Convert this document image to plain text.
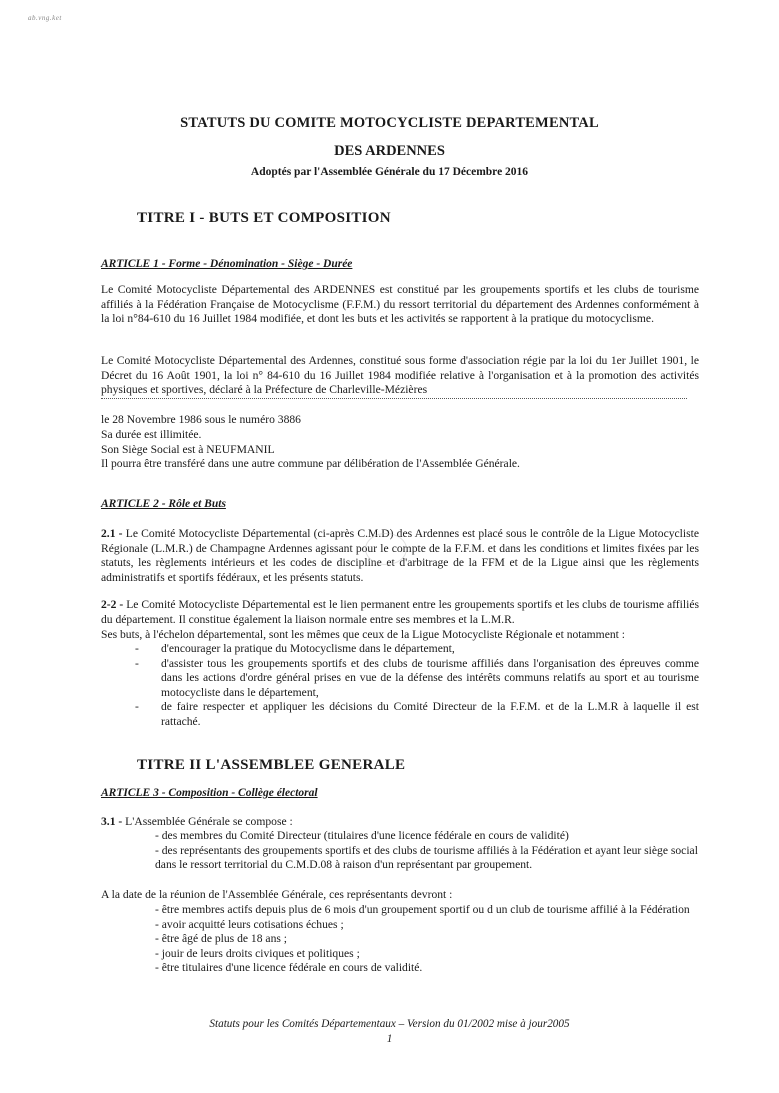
ab.vng.ket
STATUTS DU COMITE MOTOCYCLISTE DEPARTEMENTAL
DES ARDENNES
Adoptés par l'Assemblée Générale du 17 Décembre 2016
TITRE I - BUTS ET COMPOSITION
ARTICLE 1 - Forme - Dénomination - Siège - Durée

Le Comité Motocycliste Départemental des ARDENNES est constitué par les groupements sportifs et les clubs de tourisme affiliés à la Fédération Française de Motocyclisme (F.F.M.) du ressort territorial du département des Ardennes conformément à la loi n°84-610 du 16 Juillet 1984 modifiée, et dont les buts et les activités se rapportent à la pratique du motocyclisme.

Le Comité Motocycliste Départemental des Ardennes, constitué sous forme d'association régie par la loi du 1er Juillet 1901, le Décret du 16 Août 1901, la loi n° 84-610 du 16 Juillet 1984 modifiée relative à l'organisation et à la promotion des activités physiques et sportives, déclaré à la Préfecture de Charleville-Mézières

le 28 Novembre 1986 sous le numéro 3886
Sa durée est illimitée.
Son Siège Social est à NEUFMANIL
Il pourra être transféré dans une autre commune par délibération de l'Assemblée Générale.
ARTICLE 2 - Rôle et Buts

2.1 - Le Comité Motocycliste Départemental (ci-après C.M.D) des Ardennes est placé sous le contrôle de la Ligue Motocycliste Régionale (L.M.R.) de Champagne Ardennes agissant pour le compte de la F.F.M. et dans les conditions et limites fixées par les statuts, les règlements intérieurs et les codes de discipline et d'arbitrage de la FFM et de la Ligue ainsi que les règlements administratifs et sportifs fédéraux, et les présents statuts.

2-2 - Le Comité Motocycliste Départemental est le lien permanent entre les groupements sportifs et les clubs de tourisme affiliés du département. Il constitue également la liaison normale entre ses membres et la L.M.R.

Ses buts, à l'échelon départemental, sont les mêmes que ceux de la Ligue Motocycliste Régionale et notamment :
- d'encourager la pratique du Motocyclisme dans le département,
- d'assister tous les groupements sportifs et des clubs de tourisme affiliés dans l'organisation des épreuves comme dans les actions d'ordre général prises en vue de la défense des intérêts communs relatifs au sport et au tourisme motocycliste dans le département,
- de faire respecter et appliquer les décisions du Comité Directeur de la F.F.M. et de la L.M.R à laquelle il est rattaché.
TITRE II L'ASSEMBLEE GENERALE
ARTICLE 3 - Composition - Collège électoral
3.1 - L'Assemblée Générale se compose :
- des membres du Comité Directeur (titulaires d'une licence fédérale en cours de validité)
- des représentants des groupements sportifs et des clubs de tourisme affiliés à la Fédération et ayant leur siège social dans le ressort territorial du C.M.D.08 à raison d'un représentant par groupement.
A la date de la réunion de l'Assemblée Générale, ces représentants devront :
- être membres actifs depuis plus de 6 mois d'un groupement sportif ou d un club de tourisme affilié à la Fédération
- avoir acquitté leurs cotisations échues ;
- être âgé de plus de 18 ans ;
- jouir de leurs droits civiques et politiques ;
- être titulaires d'une licence fédérale en cours de validité.
Statuts pour les Comités Départementaux – Version du 01/2002 mise à jour2005
1
